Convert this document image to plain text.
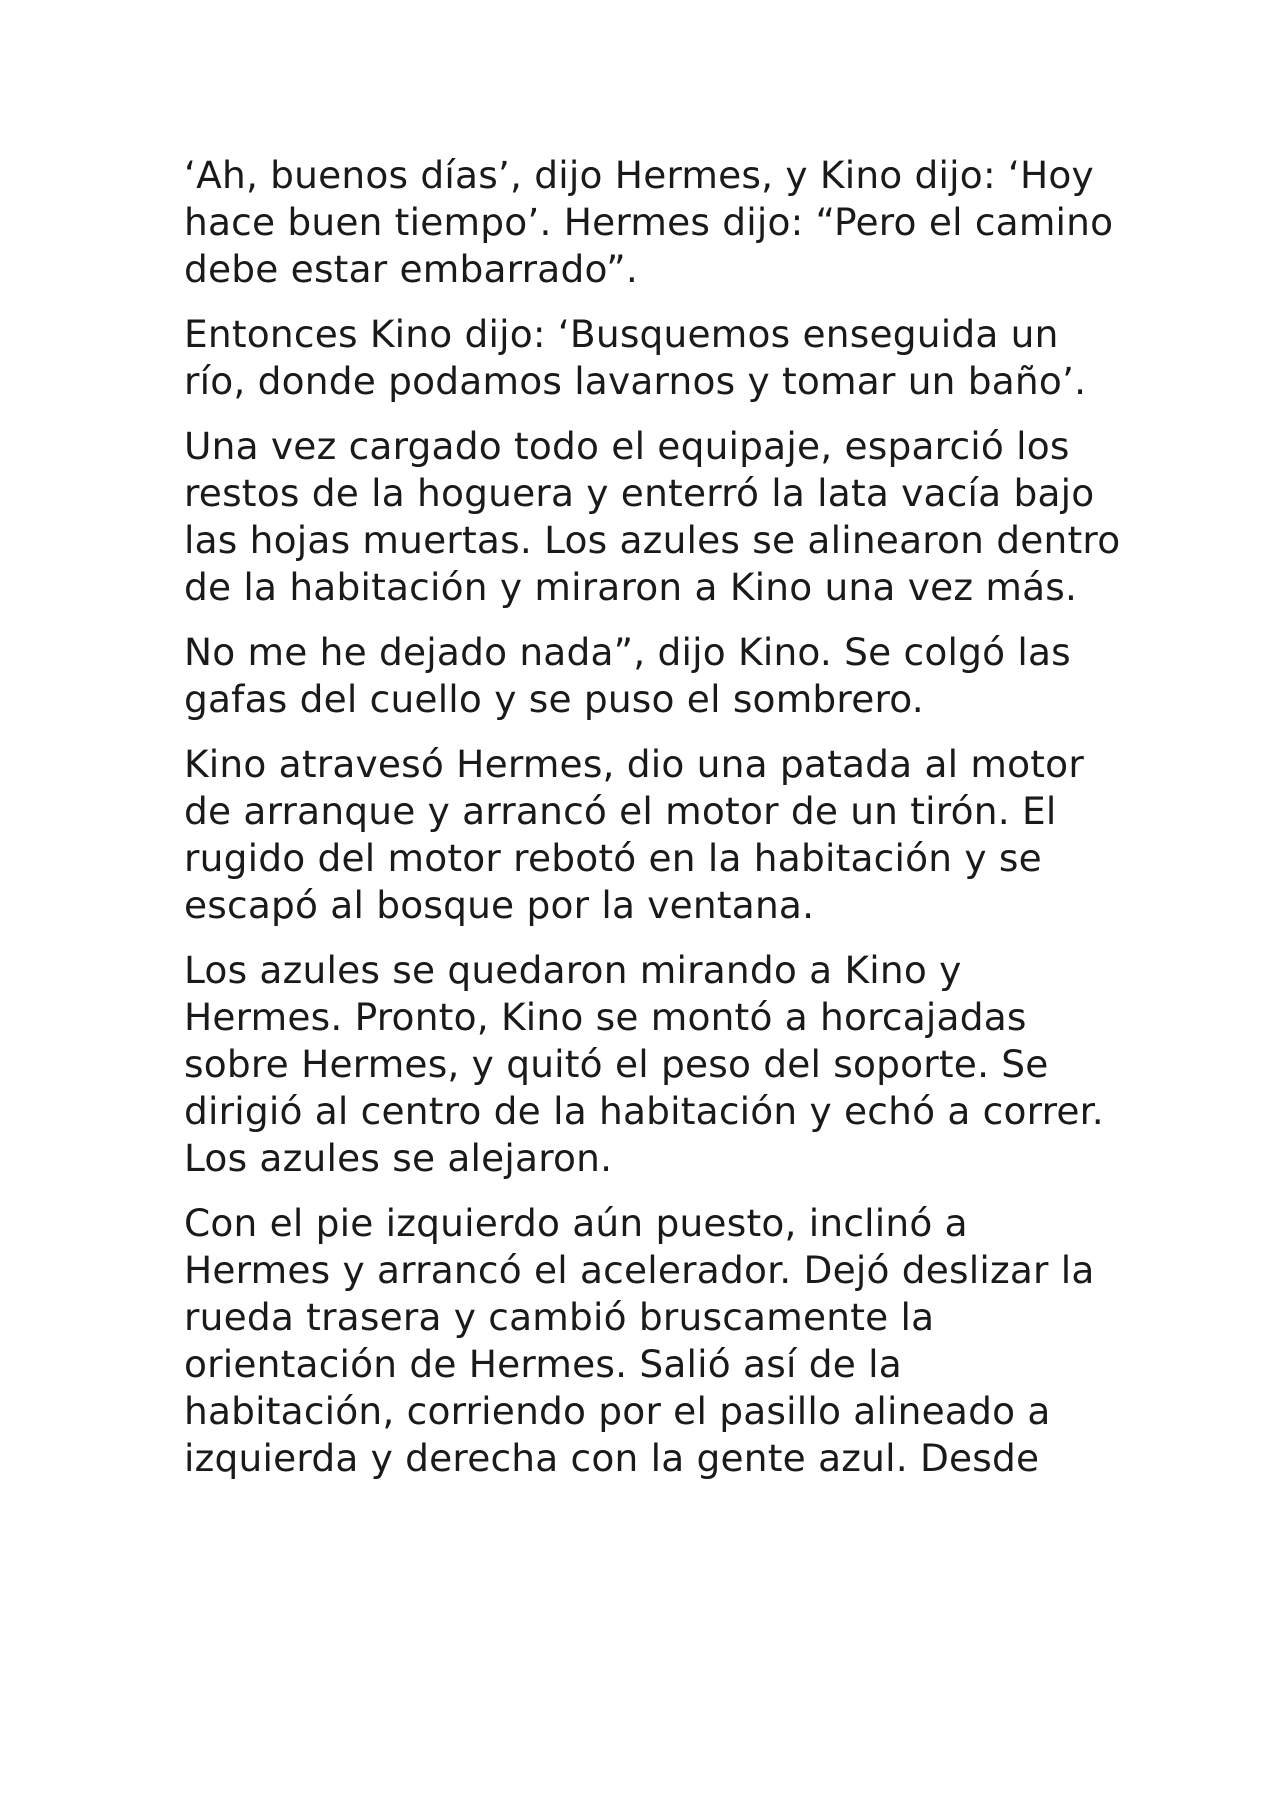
‘Ah, buenos días’, dijo Hermes, y Kino dijo: ‘Hoy hace buen tiempo’. Hermes dijo: “Pero el camino debe estar embarrado”.

Entonces Kino dijo: ‘Busquemos enseguida un río, donde podamos lavarnos y tomar un baño’.

Una vez cargado todo el equipaje, esparció los restos de la hoguera y enterró la lata vacía bajo las hojas muertas. Los azules se alinearon dentro de la habitación y miraron a Kino una vez más.

No me he dejado nada”, dijo Kino. Se colgó las gafas del cuello y se puso el sombrero.

Kino atravesó Hermes, dio una patada al motor de arranque y arrancó el motor de un tirón. El rugido del motor rebotó en la habitación y se escapó al bosque por la ventana.

Los azules se quedaron mirando a Kino y Hermes. Pronto, Kino se montó a horcajadas sobre Hermes, y quitó el peso del soporte. Se dirigió al centro de la habitación y echó a correr. Los azules se alejaron.

Con el pie izquierdo aún puesto, inclinó a Hermes y arrancó el acelerador. Dejó deslizar la rueda trasera y cambió bruscamente la orientación de Hermes. Salió así de la habitación, corriendo por el pasillo alineado a izquierda y derecha con la gente azul. Desde
